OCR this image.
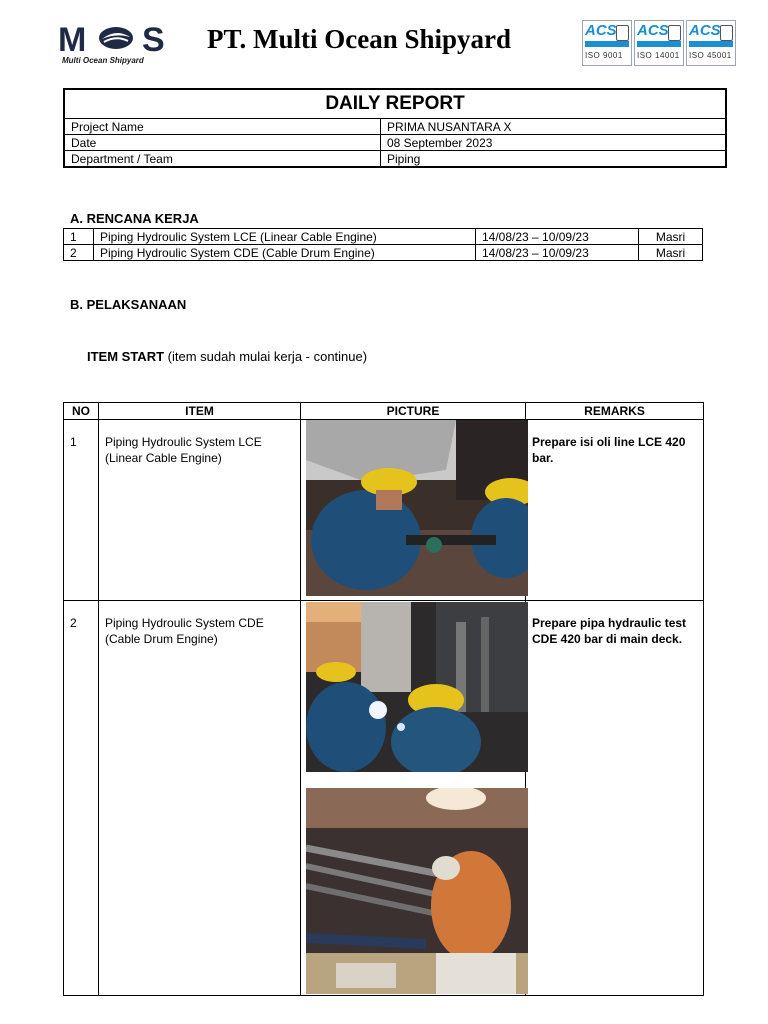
M S
Multi Ocean Shipyard
PT. Multi Ocean Shipyard	ACS
ISO 9001
ACS
ISO 14001
ACS
ISO 45001
DAILY REPORT	
Project Name	PRIMA NUSANTARA X
Date	08 September 2023
Department / Team	Piping
A. RENCANA KERJA
1	Piping Hydroulic System LCE (Linear Cable Engine)	14/08/23 – 10/09/23	Masri
2	Piping Hydroulic System CDE (Cable Drum Engine)	14/08/23 – 10/09/23	Masri
B. PELAKSANAAN
ITEM START (item sudah mulai kerja - continue)
NO	ITEM	PICTURE	REMARKS
1	Piping Hydroulic System LCE (Linear Cable Engine)		Prepare isi oli line LCE 420 bar.
2	Piping Hydroulic System CDE (Cable Drum Engine)		Prepare pipa hydraulic test CDE 420 bar di main deck.
